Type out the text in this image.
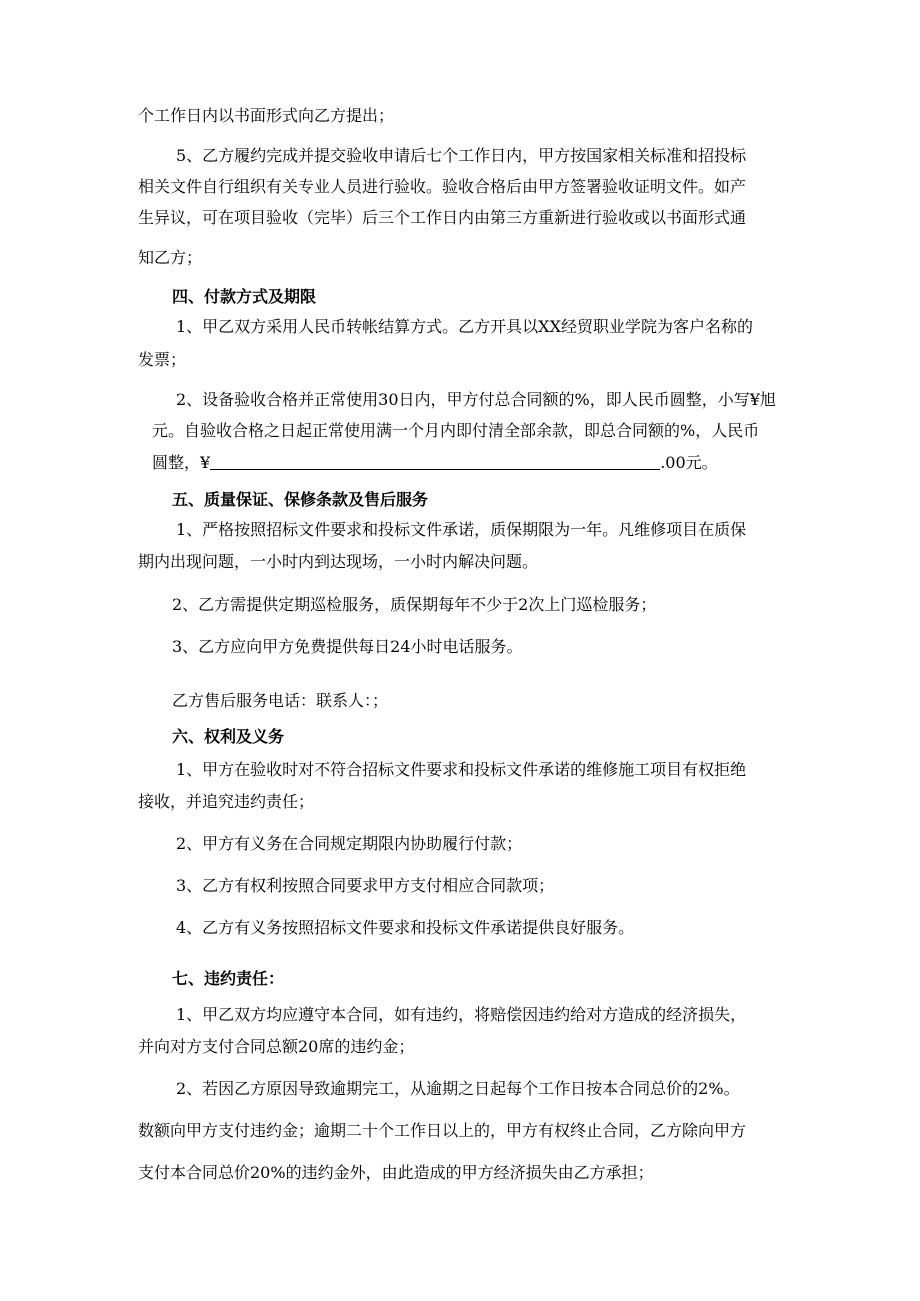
个工作日内以书面形式向乙方提出；
5、乙方履约完成并提交验收申请后七个工作日内，甲方按国家相关标准和招投标
相关文件自行组织有关专业人员进行验收。验收合格后由甲方签署验收证明文件。如产
生异议，可在项目验收（完毕）后三个工作日内由第三方重新进行验收或以书面形式通
知乙方；
四、付款方式及期限
1、甲乙双方采用人民币转帐结算方式。乙方开具以XX经贸职业学院为客户名称的
发票；
2、设备验收合格并正常使用30日内，甲方付总合同额的%，即人民币圆整，小写¥旭
元。自验收合格之日起正常使用满一个月内即付清全部余款，即总合同额的%，人民币
圆整，¥	.00元。
五、质量保证、保修条款及售后服务
1、严格按照招标文件要求和投标文件承诺，质保期限为一年。凡维修项目在质保
期内出现问题，一小时内到达现场，一小时内解决问题。
2、乙方需提供定期巡检服务，质保期每年不少于2次上门巡检服务；
3、乙方应向甲方免费提供每日24小时电话服务。
乙方售后服务电话：联系人：；
六、权利及义务
1、甲方在验收时对不符合招标文件要求和投标文件承诺的维修施工项目有权拒绝
接收，并追究违约责任；
2、甲方有义务在合同规定期限内协助履行付款；
3、乙方有权利按照合同要求甲方支付相应合同款项；
4、乙方有义务按照招标文件要求和投标文件承诺提供良好服务。
七、违约责任：
1、甲乙双方均应遵守本合同，如有违约，将赔偿因违约给对方造成的经济损失，
并向对方支付合同总额20席的违约金；
2、若因乙方原因导致逾期完工，从逾期之日起每个工作日按本合同总价的2%。
数额向甲方支付违约金；逾期二十个工作日以上的，甲方有权终止合同，乙方除向甲方
支付本合同总价20%的违约金外，由此造成的甲方经济损失由乙方承担；
